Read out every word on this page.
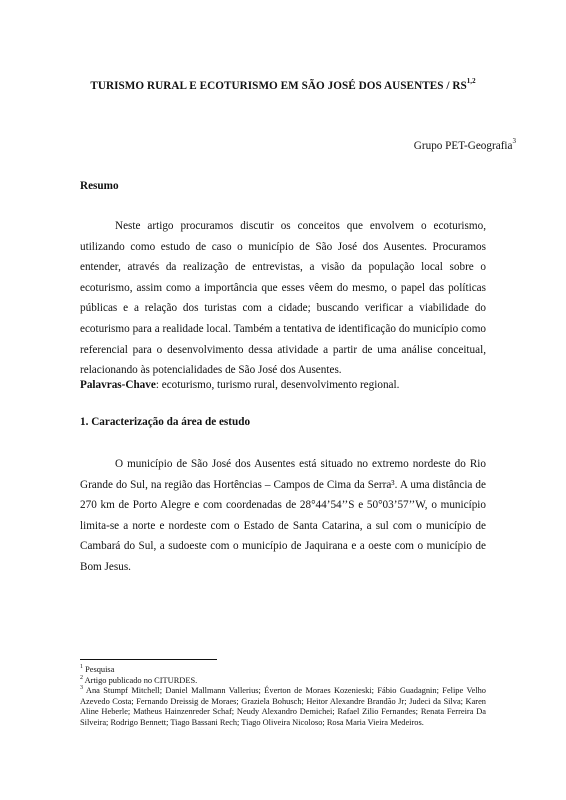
TURISMO RURAL E ECOTURISMO EM SÃO JOSÉ DOS AUSENTES / RS$^{1,2}$
Grupo PET-Geografia$^3$
Resumo

Neste artigo procuramos discutir os conceitos que envolvem o ecoturismo, utilizando como estudo de caso o município de São José dos Ausentes. Procuramos entender, através da realização de entrevistas, a visão da população local sobre o ecoturismo, assim como a importância que esses vêem do mesmo, o papel das políticas públicas e a relação dos turistas com a cidade; buscando verificar a viabilidade do ecoturismo para a realidade local. Também a tentativa de identificação do município como referencial para o desenvolvimento dessa atividade a partir de uma análise conceitual, relacionando às potencialidades de São José dos Ausentes.

Palavras-Chave: ecoturismo, turismo rural, desenvolvimento regional.
1. Caracterização da área de estudo

O município de São José dos Ausentes está situado no extremo nordeste do Rio Grande do Sul, na região das Hortências – Campos de Cima da Serra³. A uma distância de 270 km de Porto Alegre e com coordenadas de 28°44’54’’S e 50°03’57’’W, o município limita-se a norte e nordeste com o Estado de Santa Catarina, a sul com o município de Cambará do Sul, a sudoeste com o município de Jaquirana e a oeste com o município de Bom Jesus.

$^1$ Pesquisa

$^2$ Artigo publicado no CITURDES.

$^3$ Ana Stumpf Mitchell; Daniel Mallmann Vallerius; Éverton de Moraes Kozenieski; Fábio Guadagnin; Felipe Velho Azevedo Costa; Fernando Dreissig de Moraes; Graziela Bohusch; Heitor Alexandre Brandão Jr; Judeci da Silva; Karen Aline Heberle; Matheus Hainzenreder Schaf; Neudy Alexandro Demichei; Rafael Zilio Fernandes; Renata Ferreira Da Silveira; Rodrigo Bennett; Tiago Bassani Rech; Tiago Oliveira Nicoloso; Rosa Maria Vieira Medeiros.
